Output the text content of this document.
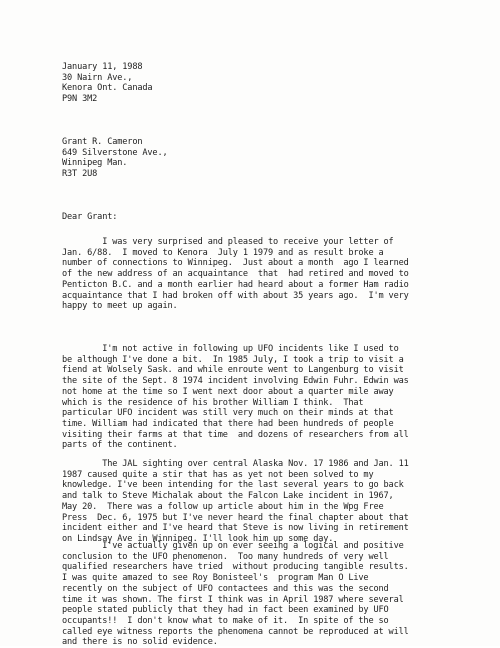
January 11, 1988
30 Nairn Ave.,
Kenora Ont. Canada
P9N 3M2
Grant R. Cameron
649 Silverstone Ave.,
Winnipeg Man.
R3T 2U8
Dear Grant:
I was very surprised and pleased to receive your letter of
Jan. 6/88.  I moved to Kenora  July 1 1979 and as result broke a
number of connections to Winnipeg.  Just about a month  ago I learned
of the new address of an acquaintance  that  had retired and moved to
Penticton B.C. and a month earlier had heard about a former Ham radio
acquaintance that I had broken off with about 35 years ago.  I'm very
happy to meet up again.
I'm not active in following up UFO incidents like I used to
be although I've done a bit.  In 1985 July, I took a trip to visit a
fiend at Wolsely Sask. and while enroute went to Langenburg to visit
the site of the Sept. 8 1974 incident involving Edwin Fuhr. Edwin was
not home at the time so I went next door about a quarter mile away
which is the residence of his brother William I think.  That
particular UFO incident was still very much on their minds at that
time. William had indicated that there had been hundreds of people
visiting their farms at that time  and dozens of researchers from all
parts of the continent.
The JAL sighting over central Alaska Nov. 17 1986 and Jan. 11
1987 caused quite a stir that has as yet not been solved to my
knowledge. I've been intending for the last several years to go back
and talk to Steve Michalak about the Falcon Lake incident in 1967,
May 20.  There was a follow up article about him in the Wpg Free
Press  Dec. 6, 1975 but I've never heard the final chapter about that
incident either and I've heard that Steve is now living in retirement
on Lindsay Ave in Winnipeg. I'll look him up some day.
I've actually given up on ever seeing a logical and positive
conclusion to the UFO phenomenon.  Too many hundreds of very well
qualified researchers have tried  without producing tangible results.
I was quite amazed to see Roy Bonisteel's  program Man O Live
recently on the subject of UFO contactees and this was the second
time it was shown. The first I think was in April 1987 where several
people stated publicly that they had in fact been examined by UFO
occupants!!  I don't know what to make of it.  In spite of the so
called eye witness reports the phenomena cannot be reproduced at will
and there is no solid evidence.
